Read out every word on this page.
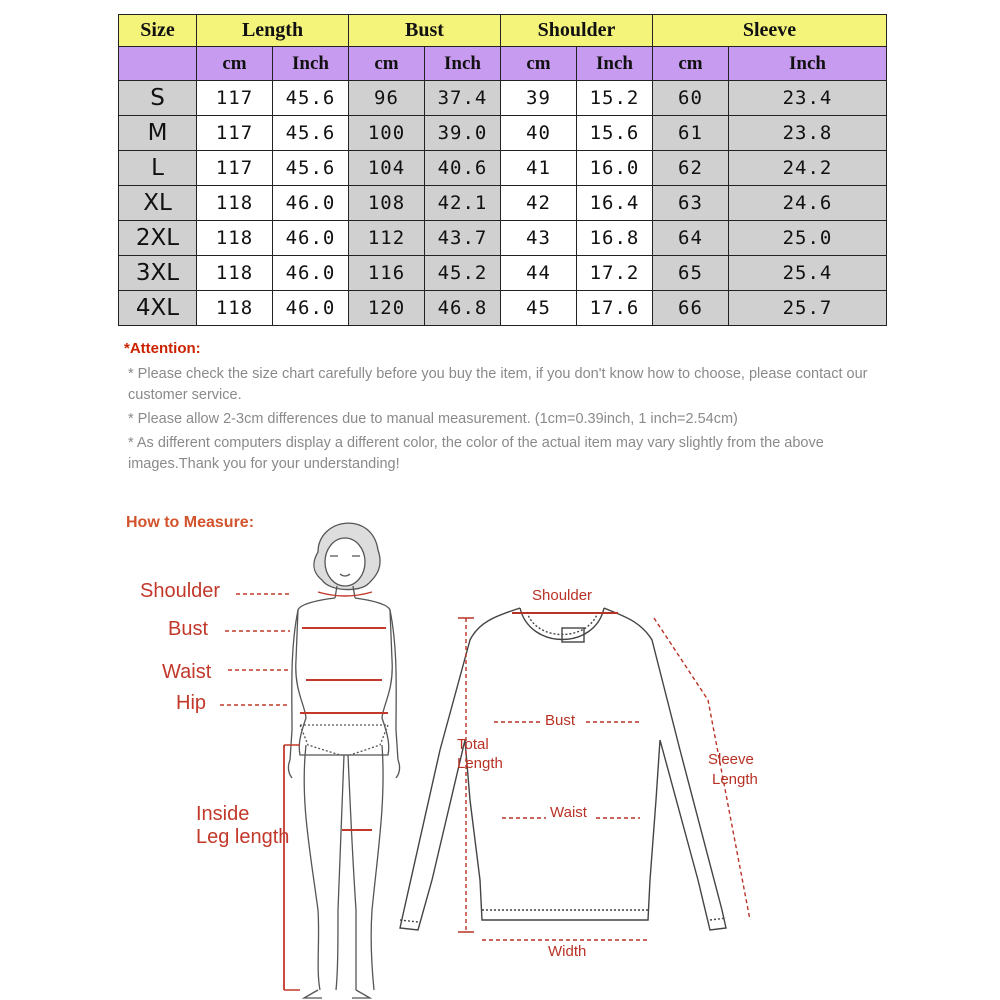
Size	Length		Bust		Shoulder		Sleeve	
	cm	Inch	cm	Inch	cm	Inch	cm	Inch
S	117	45.6	96	37.4	39	15.2	60	23.4
M	117	45.6	100	39.0	40	15.6	61	23.8
L	117	45.6	104	40.6	41	16.0	62	24.2
XL	118	46.0	108	42.1	42	16.4	63	24.6
2XL	118	46.0	112	43.7	43	16.8	64	25.0
3XL	118	46.0	116	45.2	44	17.2	65	25.4
4XL	118	46.0	120	46.8	45	17.6	66	25.7
*Attention:

* Please check the size chart carefully before you buy the item, if you don't know how to choose, please contact our customer service.

* Please allow 2-3cm differences due to manual measurement. (1cm=0.39inch, 1 inch=2.54cm)

* As different computers display a different color, the color of the actual item may vary slightly from the above images.Thank you for your understanding!

How to Measure:
Shoulder
Bust
Waist
Hip
Inside
Leg length
Shoulder
Bust
Total
Length	Sleeve
Length
Waist
Width
